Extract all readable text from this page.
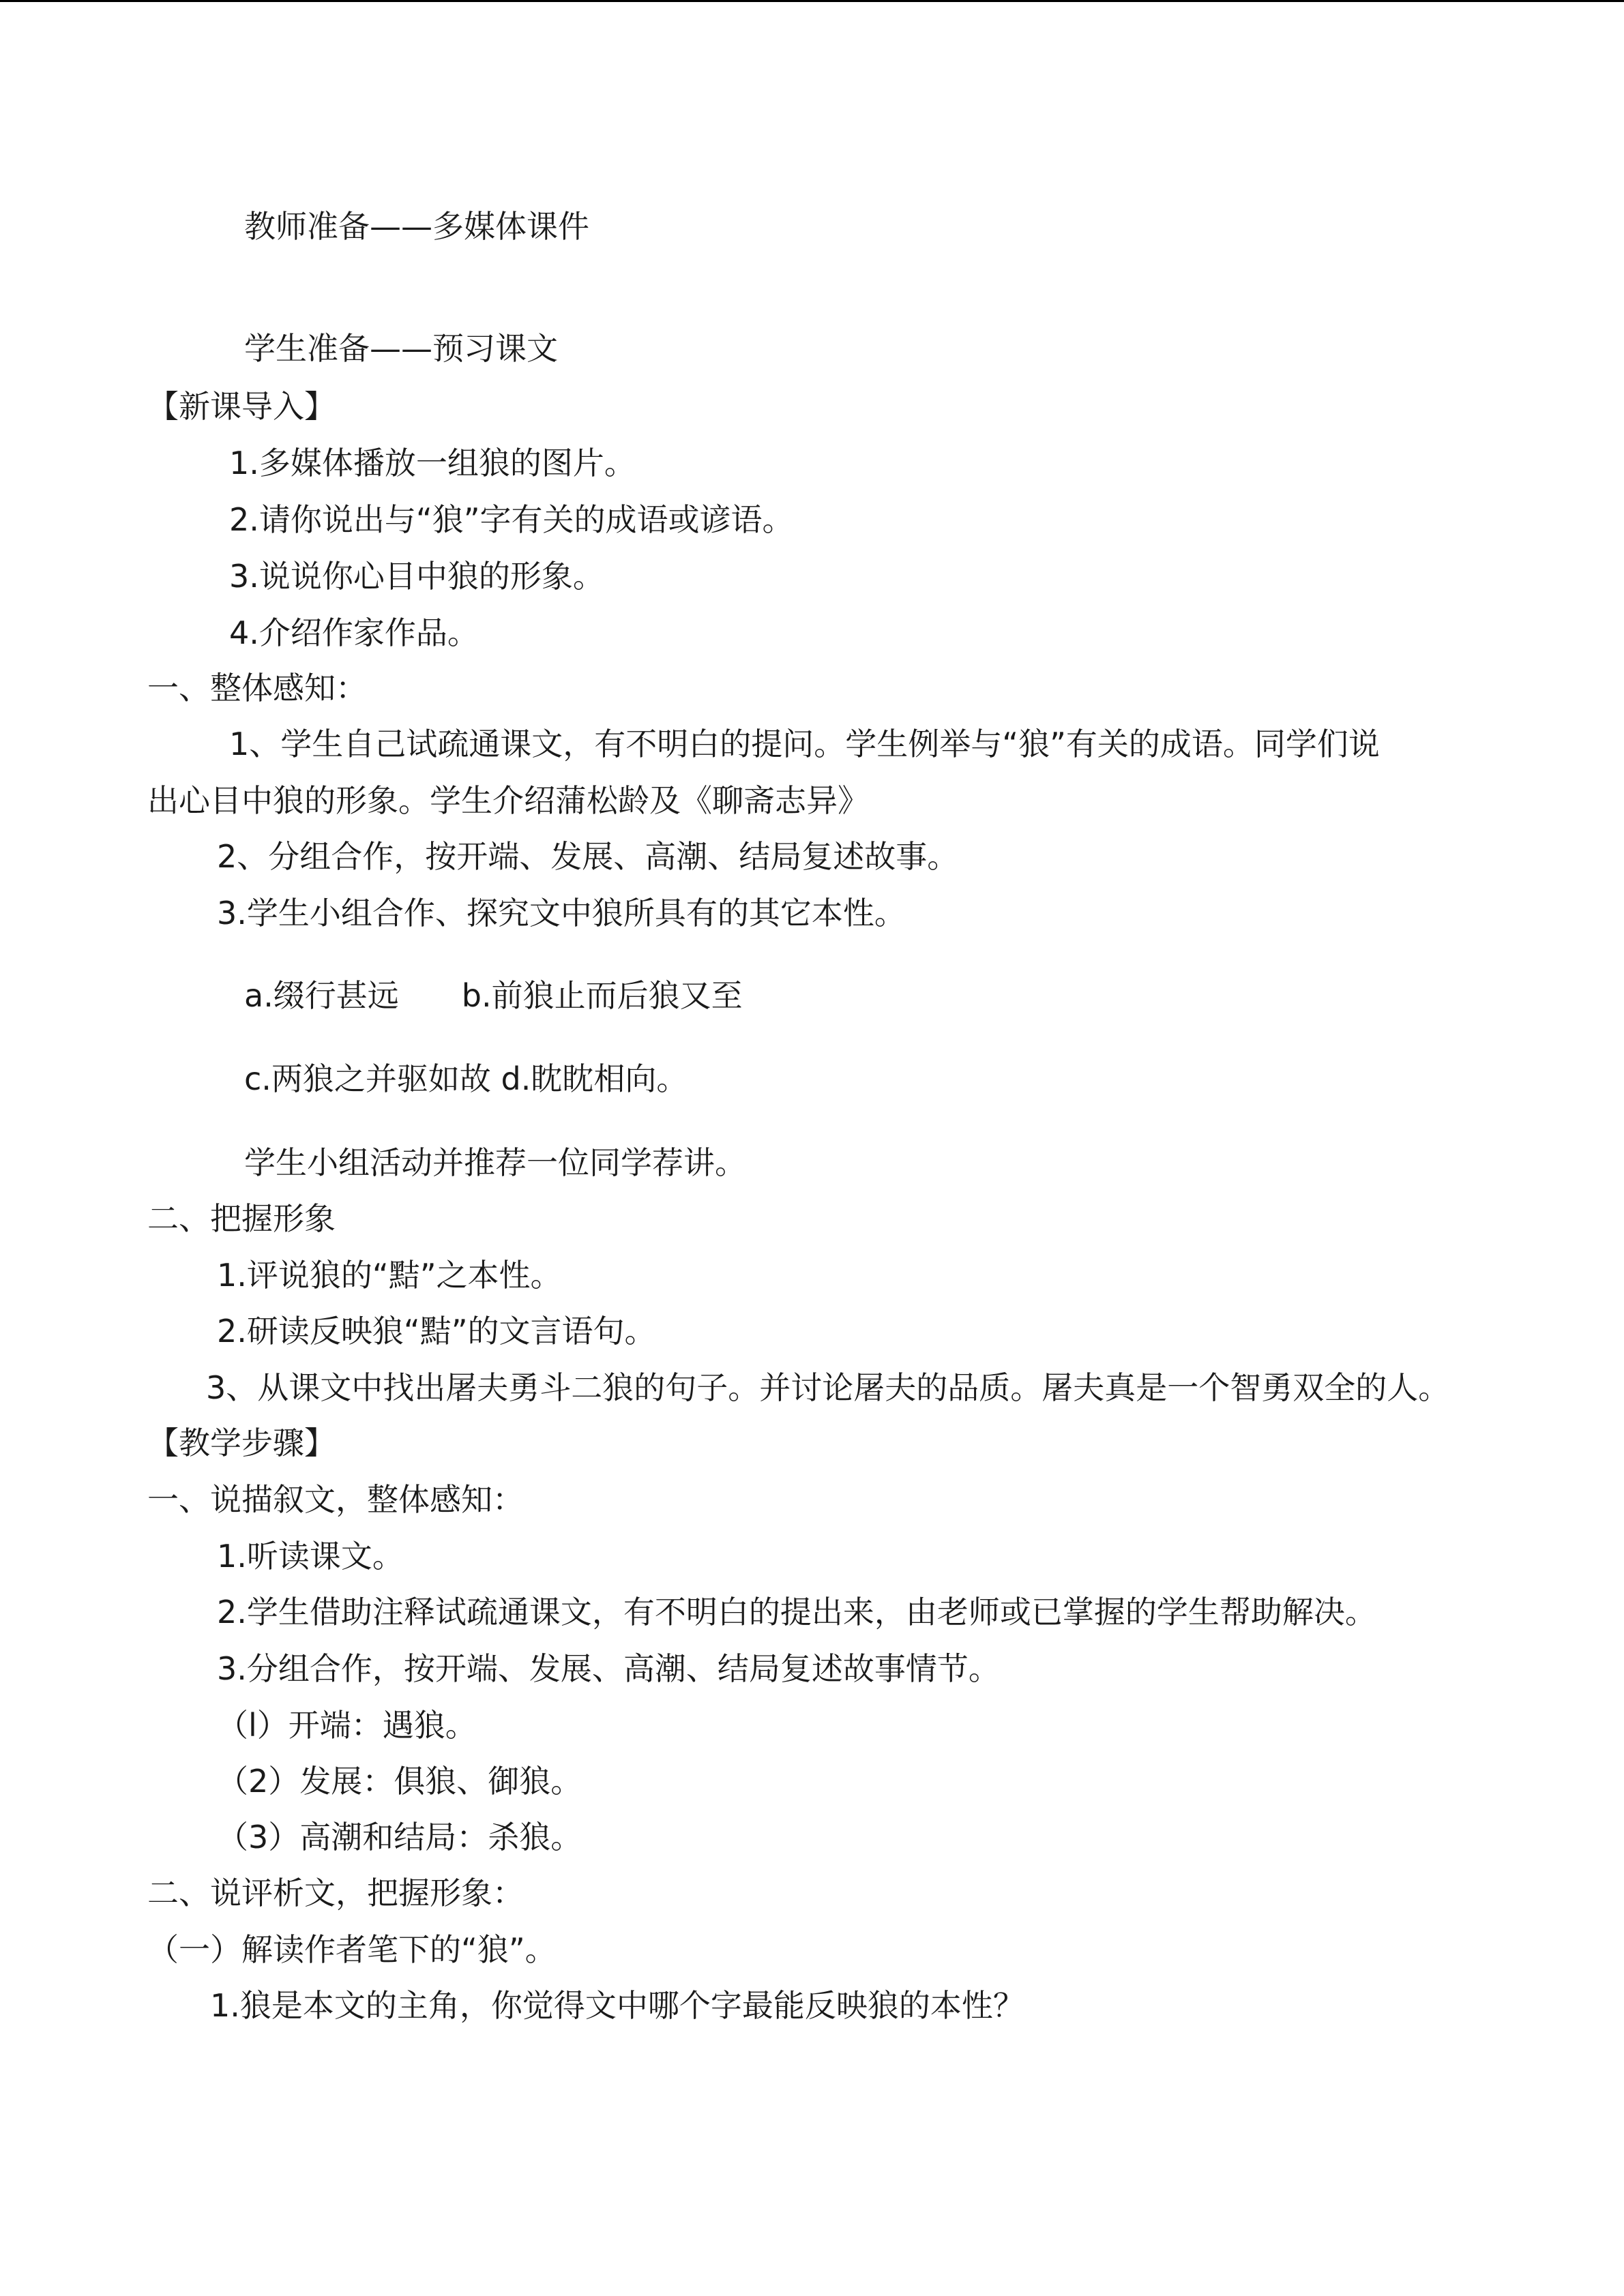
教师准备——多媒体课件
学生准备——预习课文
【新课导入】
1.多媒体播放一组狼的图片。
2.请你说出与“狼”字有关的成语或谚语。
3.说说你心目中狼的形象。
4.介绍作家作品。
一、整体感知：
1、学生自己试疏通课文，有不明白的提问。学生例举与“狼”有关的成语。同学们说
出心目中狼的形象。学生介绍蒲松龄及《聊斋志异》
2、分组合作，按开端、发展、高潮、结局复述故事。
3.学生小组合作、探究文中狼所具有的其它本性。
a.缀行甚远　　b.前狼止而后狼又至
c.两狼之并驱如故 d.眈眈相向。
学生小组活动并推荐一位同学荐讲。
二、把握形象
1.评说狼的“黠”之本性。
2.研读反映狼“黠”的文言语句。
3、从课文中找出屠夫勇斗二狼的句子。并讨论屠夫的品质。屠夫真是一个智勇双全的人。
【教学步骤】
一、说描叙文，整体感知：
1.听读课文。
2.学生借助注释试疏通课文，有不明白的提出来，由老师或已掌握的学生帮助解决。
3.分组合作，按开端、发展、高潮、结局复述故事情节。
（l）开端：遇狼。
（2）发展：俱狼、御狼。
（3）高潮和结局：杀狼。
二、说评析文，把握形象：
（一）解读作者笔下的“狼”。
1.狼是本文的主角，你觉得文中哪个字最能反映狼的本性？
